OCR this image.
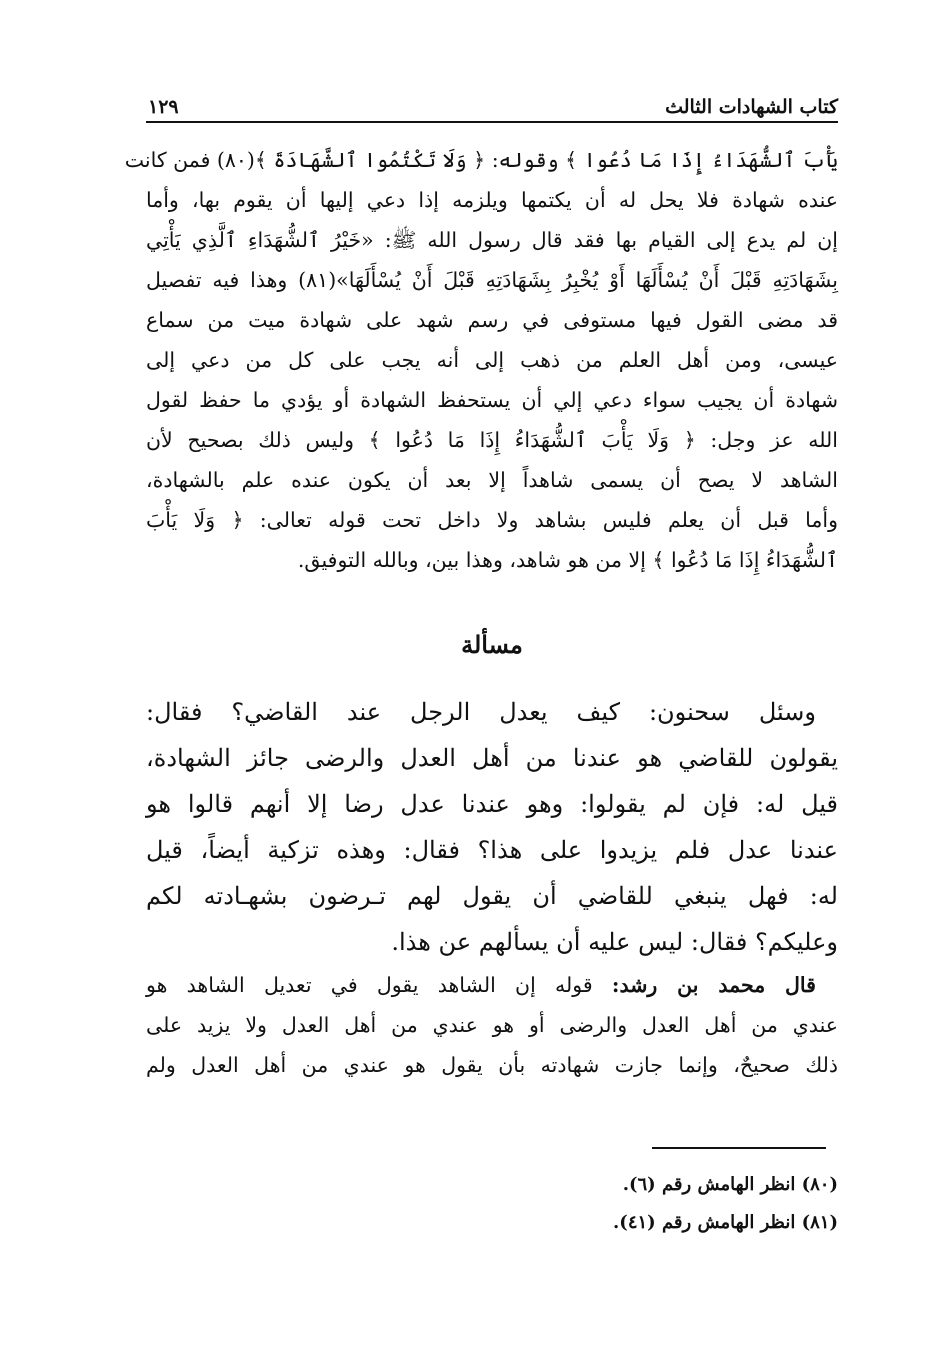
كتاب الشهادات الثالث
١٢٩
يَأْبَ ٱلشُّهَدَاءُ إِذَا مَا دُعُوا ﴾ وقوله: ﴿ وَلَا تَكْتُمُوا ٱلشَّهَادَةَ ﴾(٨٠) فمن كانت
عنده شهادة فلا يحل له أن يكتمها ويلزمه إذا دعي إليها أن يقوم بها، وأما
إن لم يدع إلى القيام بها فقد قال رسول الله ﷺ: «خَيْرُ ٱلشُّهَدَاءِ ٱلَّذِي يَأْتِي
بِشَهَادَتِهِ قَبْلَ أَنْ يُسْأَلَهَا أَوْ يُخْبِرُ بِشَهَادَتِهِ قَبْلَ أَنْ يُسْأَلَهَا»(٨١) وهذا فيه تفصيل
قد مضى القول فيها مستوفى في رسم شهد على شهادة ميت من سماع
عيسى، ومن أهل العلم من ذهب إلى أنه يجب على كل من دعي إلى
شهادة أن يجيب سواء دعي إلي أن يستحفظ الشهادة أو يؤدي ما حفظ لقول
الله عز وجل: ﴿ وَلَا يَأْبَ ٱلشُّهَدَاءُ إِذَا مَا دُعُوا ﴾ وليس ذلك بصحيح لأن
الشاهد لا يصح أن يسمى شاهداً إلا بعد أن يكون عنده علم بالشهادة،
وأما قبل أن يعلم فليس بشاهد ولا داخل تحت قوله تعالى: ﴿ وَلَا يَأْبَ
ٱلشُّهَدَاءُ إِذَا مَا دُعُوا ﴾ إلا من هو شاهد، وهذا بين، وبالله التوفيق.
مسألة
وسئل سحنون: كيف يعدل الرجل عند القاضي؟ فقال:
يقولون للقاضي هو عندنا من أهل العدل والرضى جائز الشهادة،
قيل له: فإن لم يقولوا: وهو عندنا عدل رضا إلا أنهم قالوا هو
عندنا عدل فلم يزيدوا على هذا؟ فقال: وهذه تزكية أيضاً، قيل
له: فهل ينبغي للقاضي أن يقول لهم تـرضون بشهـادته لكم
وعليكم؟ فقال: ليس عليه أن يسألهم عن هذا.
قال محمد بن رشد: قوله إن الشاهد يقول في تعديل الشاهد هو
عندي من أهل العدل والرضى أو هو عندي من أهل العدل ولا يزيد على
ذلك صحيحٌ، وإنما جازت شهادته بأن يقول هو عندي من أهل العدل ولم
(٨٠) انظر الهامش رقم (٦).
(٨١) انظر الهامش رقم (٤١).
